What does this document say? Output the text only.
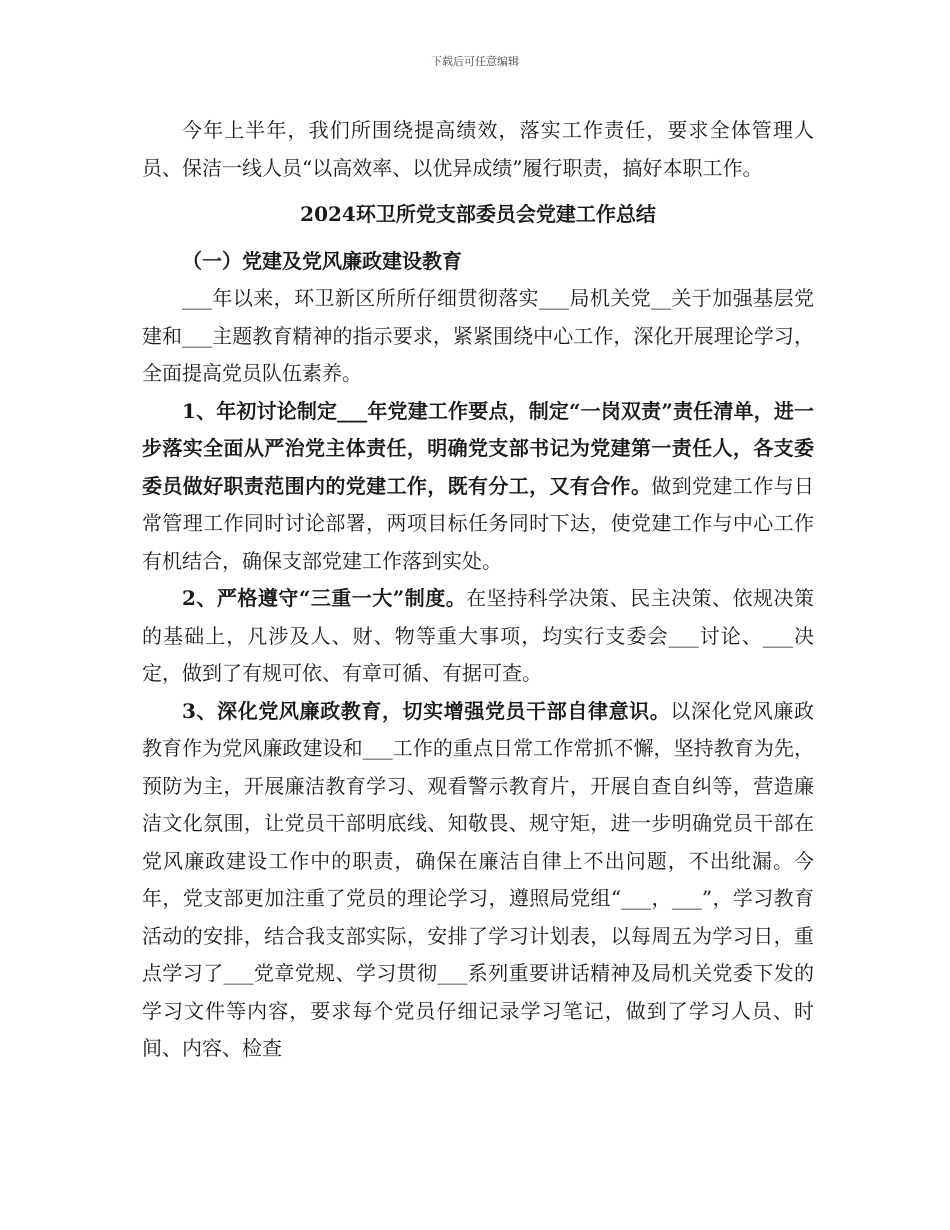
下载后可任意编辑

今年上半年，我们所围绕提高绩效，落实工作责任，要求全体管理人员、保洁一线人员“以高效率、以优异成绩”履行职责，搞好本职工作。

2024环卫所党支部委员会党建工作总结

（一）党建及党风廉政建设教育

___年以来，环卫新区所所仔细贯彻落实___局机关党__关于加强基层党建和___主题教育精神的指示要求，紧紧围绕中心工作，深化开展理论学习，全面提高党员队伍素养。

1、年初讨论制定___年党建工作要点，制定“一岗双责”责任清单，进一步落实全面从严治党主体责任，明确党支部书记为党建第一责任人，各支委委员做好职责范围内的党建工作，既有分工，又有合作。做到党建工作与日常管理工作同时讨论部署，两项目标任务同时下达，使党建工作与中心工作有机结合，确保支部党建工作落到实处。

2、严格遵守“三重一大”制度。在坚持科学决策、民主决策、依规决策的基础上，凡涉及人、财、物等重大事项，均实行支委会___讨论、___决定，做到了有规可依、有章可循、有据可查。

3、深化党风廉政教育，切实增强党员干部自律意识。以深化党风廉政教育作为党风廉政建设和___工作的重点日常工作常抓不懈，坚持教育为先，预防为主，开展廉洁教育学习、观看警示教育片，开展自查自纠等，营造廉洁文化氛围，让党员干部明底线、知敬畏、规守矩，进一步明确党员干部在党风廉政建设工作中的职责，确保在廉洁自律上不出问题，不出纰漏。今年，党支部更加注重了党员的理论学习，遵照局党组“___，___”，学习教育活动的安排，结合我支部实际，安排了学习计划表，以每周五为学习日，重点学习了___党章党规、学习贯彻___系列重要讲话精神及局机关党委下发的学习文件等内容，要求每个党员仔细记录学习笔记，做到了学习人员、时间、内容、检查
